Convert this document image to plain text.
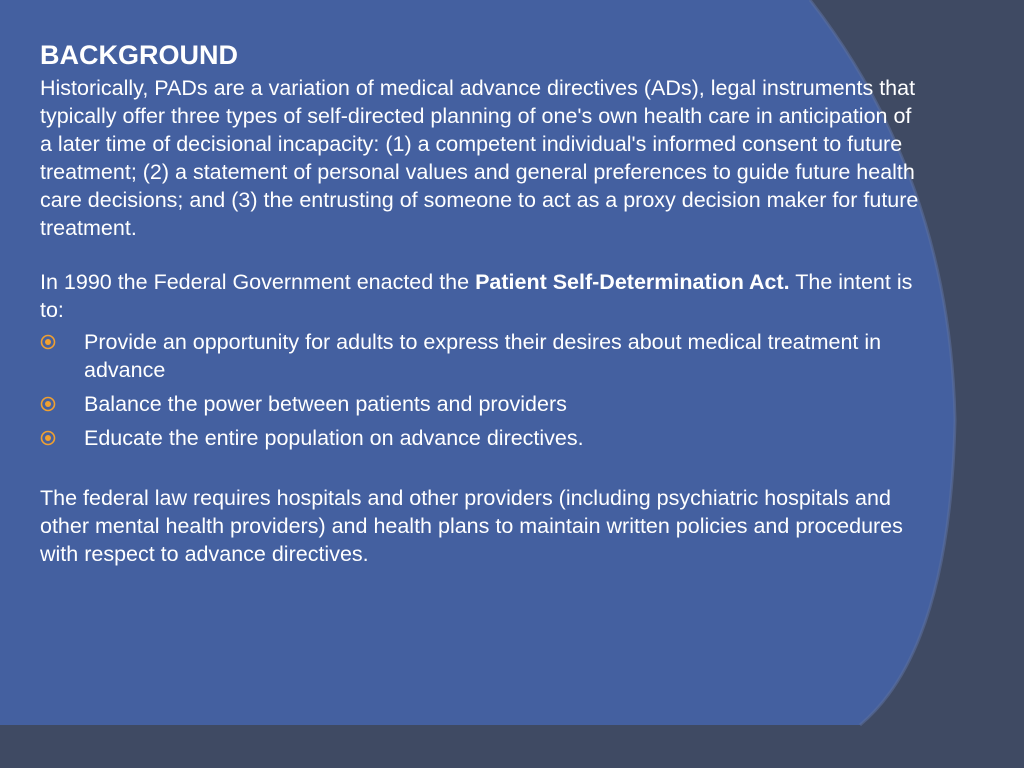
BACKGROUND

Historically, PADs are a variation of medical advance directives (ADs), legal instruments that typically offer three types of self-directed planning of one's own health care in anticipation of a later time of decisional incapacity: (1) a competent individual's informed consent to future treatment; (2) a statement of personal values and general preferences to guide future health care decisions; and (3) the entrusting of someone to act as a proxy decision maker for future treatment.

In 1990 the Federal Government enacted the Patient Self-Determination Act. The intent is to:

Provide an opportunity for adults to express their desires about medical treatment in advance
Balance the power between patients and providers
Educate the entire population on advance directives.

The federal law requires hospitals and other providers (including psychiatric hospitals and other mental health providers) and health plans to maintain written policies and procedures with respect to advance directives.
